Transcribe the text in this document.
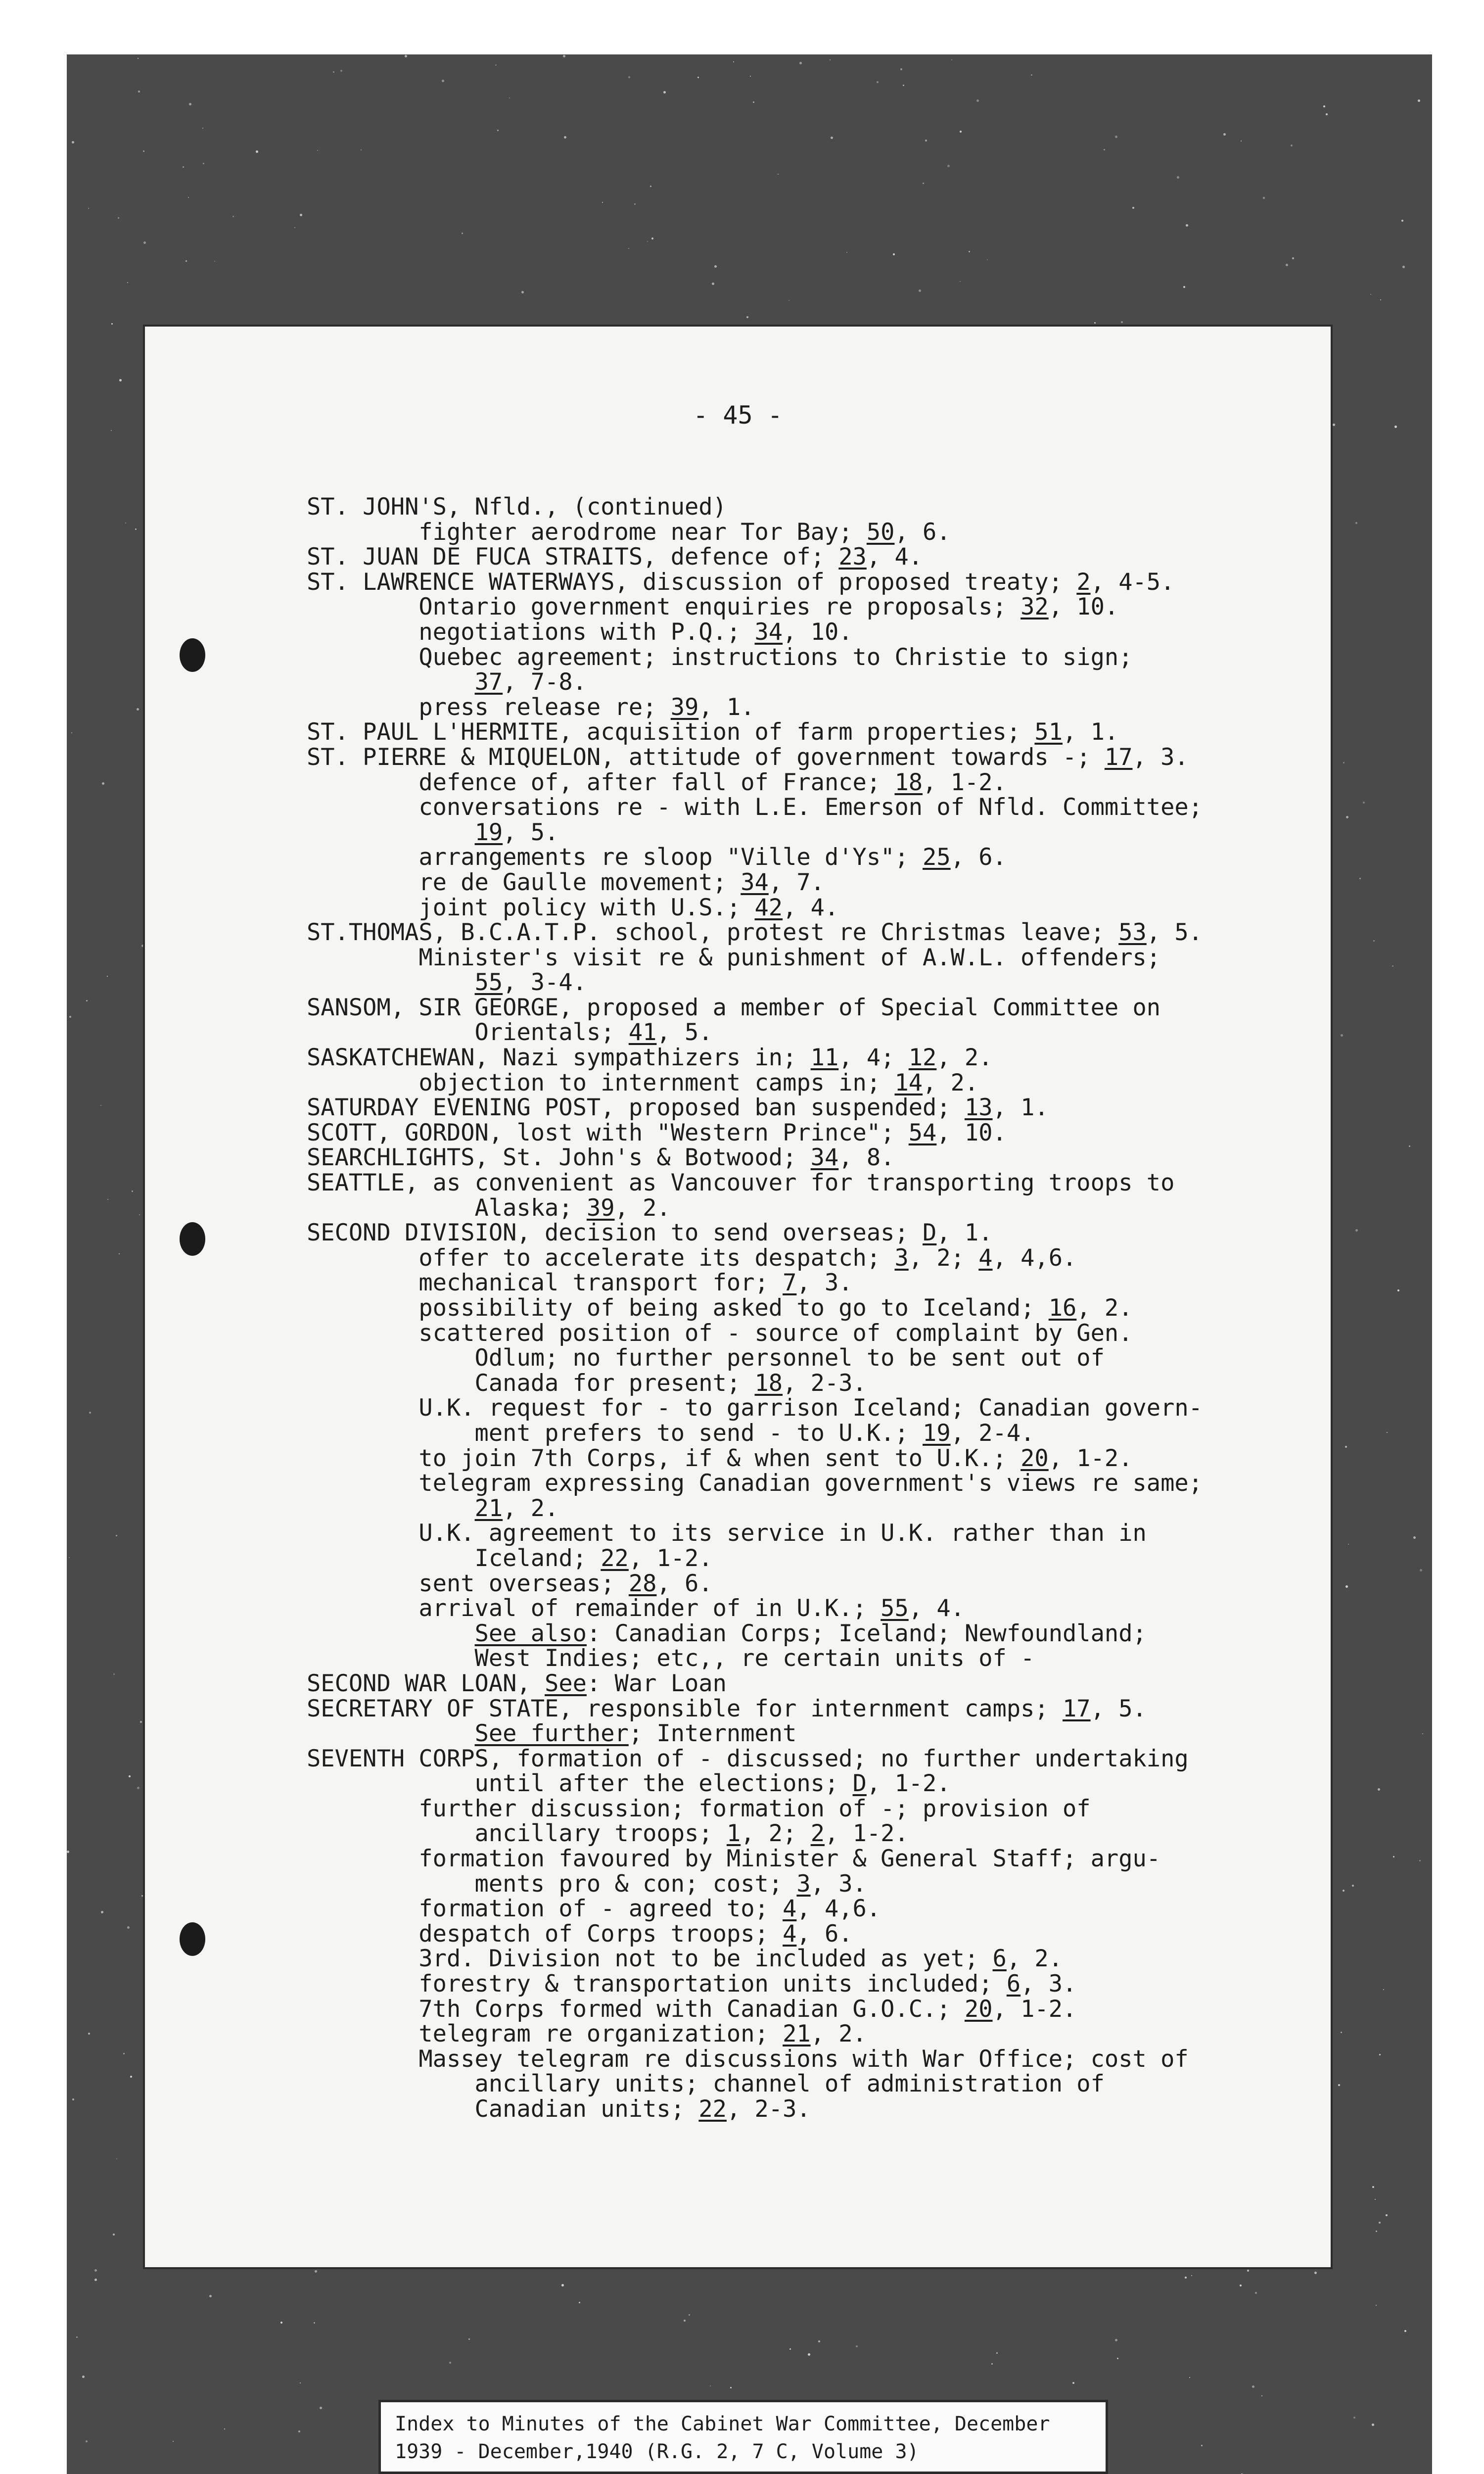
- 45 -
ST. JOHN'S, Nfld., (continued)
fighter aerodrome near Tor Bay; 50, 6.
ST. JUAN DE FUCA STRAITS, defence of; 23, 4.
ST. LAWRENCE WATERWAYS, discussion of proposed treaty; 2, 4-5.
Ontario government enquiries re proposals; 32, 10.
negotiations with P.Q.; 34, 10.
Quebec agreement; instructions to Christie to sign;
37, 7-8.
press release re; 39, 1.
ST. PAUL L'HERMITE, acquisition of farm properties; 51, 1.
ST. PIERRE & MIQUELON, attitude of government towards -; 17, 3.
defence of, after fall of France; 18, 1-2.
conversations re - with L.E. Emerson of Nfld. Committee;
19, 5.
arrangements re sloop "Ville d'Ys"; 25, 6.
re de Gaulle movement; 34, 7.
joint policy with U.S.; 42, 4.
ST.THOMAS, B.C.A.T.P. school, protest re Christmas leave; 53, 5.
Minister's visit re & punishment of A.W.L. offenders;
55, 3-4.
SANSOM, SIR GEORGE, proposed a member of Special Committee on
Orientals; 41, 5.
SASKATCHEWAN, Nazi sympathizers in; 11, 4; 12, 2.
objection to internment camps in; 14, 2.
SATURDAY EVENING POST, proposed ban suspended; 13, 1.
SCOTT, GORDON, lost with "Western Prince"; 54, 10.
SEARCHLIGHTS, St. John's & Botwood; 34, 8.
SEATTLE, as convenient as Vancouver for transporting troops to
Alaska; 39, 2.
SECOND DIVISION, decision to send overseas; D, 1.
offer to accelerate its despatch; 3, 2; 4, 4,6.
mechanical transport for; 7, 3.
possibility of being asked to go to Iceland; 16, 2.
scattered position of - source of complaint by Gen.
Odlum; no further personnel to be sent out of
Canada for present; 18, 2-3.
U.K. request for - to garrison Iceland; Canadian govern-
ment prefers to send - to U.K.; 19, 2-4.
to join 7th Corps, if & when sent to U.K.; 20, 1-2.
telegram expressing Canadian government's views re same;
21, 2.
U.K. agreement to its service in U.K. rather than in
Iceland; 22, 1-2.
sent overseas; 28, 6.
arrival of remainder of in U.K.; 55, 4.
See also: Canadian Corps; Iceland; Newfoundland;
West Indies; etc,, re certain units of -
SECOND WAR LOAN, See: War Loan
SECRETARY OF STATE, responsible for internment camps; 17, 5.
See further; Internment
SEVENTH CORPS, formation of - discussed; no further undertaking
until after the elections; D, 1-2.
further discussion; formation of -; provision of
ancillary troops; 1, 2; 2, 1-2.
formation favoured by Minister & General Staff; argu-
ments pro & con; cost; 3, 3.
formation of - agreed to; 4, 4,6.
despatch of Corps troops; 4, 6.
3rd. Division not to be included as yet; 6, 2.
forestry & transportation units included; 6, 3.
7th Corps formed with Canadian G.O.C.; 20, 1-2.
telegram re organization; 21, 2.
Massey telegram re discussions with War Office; cost of
ancillary units; channel of administration of
Canadian units; 22, 2-3.
Index to Minutes of the Cabinet War Committee, December
1939 - December,1940 (R.G. 2, 7 C, Volume 3)
